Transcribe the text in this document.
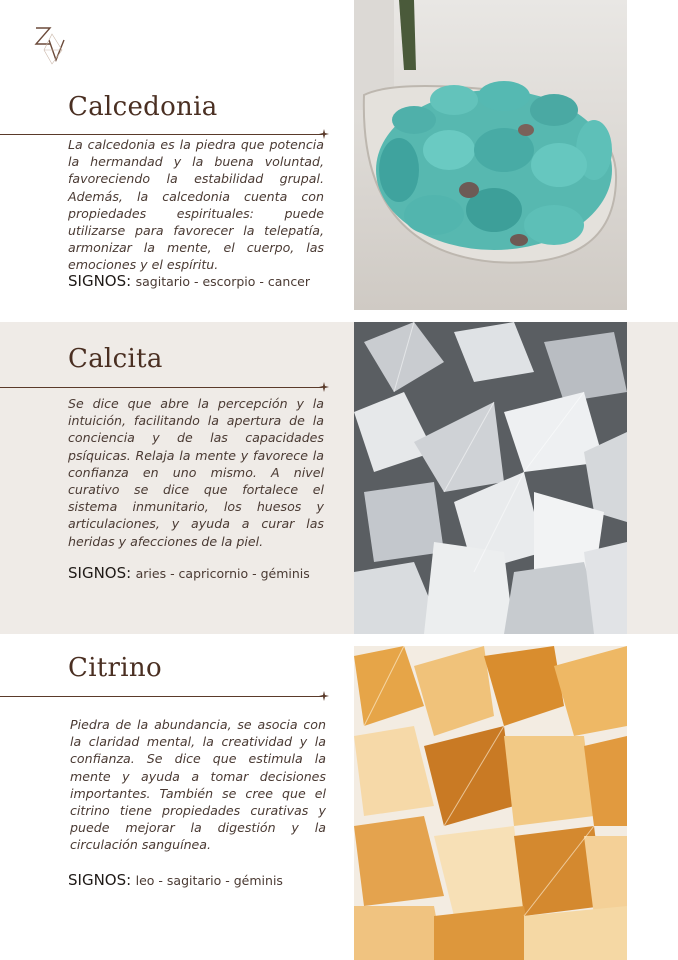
Calcedonia

La calcedonia es la piedra que potencia la hermandad y la buena voluntad, favoreciendo la estabilidad grupal. Además, la calcedonia cuenta con propiedades espirituales: puede utilizarse para favorecer la telepatía, armonizar la mente, el cuerpo, las emociones y el espíritu.

SIGNOS: sagitario - escorpio - cancer
Calcita

Se dice que abre la percepción y la intuición, facilitando la apertura de la conciencia y de las capacidades psíquicas. Relaja la mente y favorece la confianza en uno mismo. A nivel curativo se dice que fortalece el sistema inmunitario, los huesos y articulaciones, y ayuda a curar las heridas y afecciones de la piel.

SIGNOS: aries - capricornio - géminis
Citrino

Piedra de la abundancia, se asocia con la claridad mental, la creatividad y la confianza. Se dice que estimula la mente y ayuda a tomar decisiones importantes. También se cree que el citrino tiene propiedades curativas y puede mejorar la digestión y la circulación sanguínea.

SIGNOS: leo - sagitario - géminis
